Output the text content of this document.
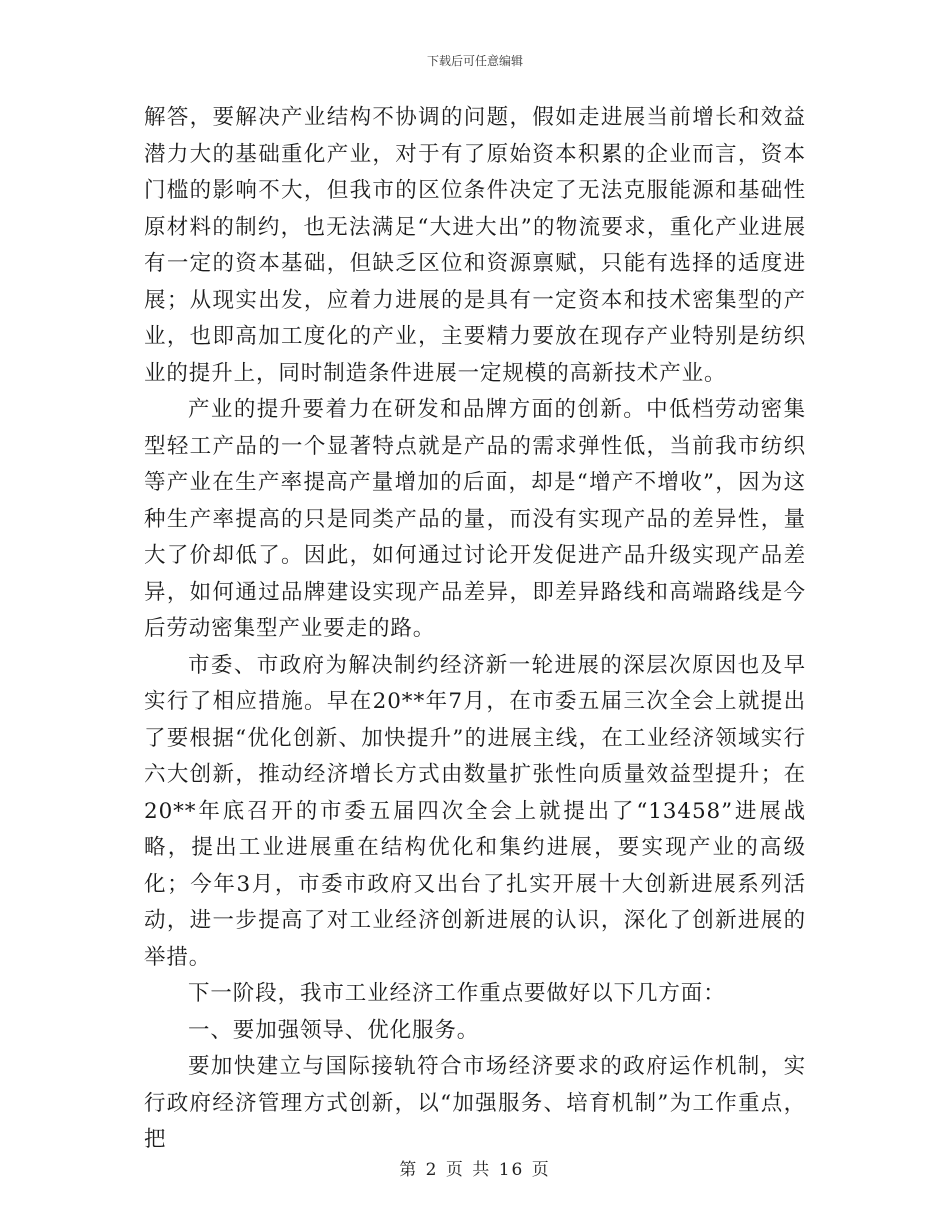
下载后可任意编辑

解答，要解决产业结构不协调的问题，假如走进展当前增长和效益潜力大的基础重化产业，对于有了原始资本积累的企业而言，资本门槛的影响不大，但我市的区位条件决定了无法克服能源和基础性原材料的制约，也无法满足“大进大出”的物流要求，重化产业进展有一定的资本基础，但缺乏区位和资源禀赋，只能有选择的适度进展；从现实出发，应着力进展的是具有一定资本和技术密集型的产业，也即高加工度化的产业，主要精力要放在现存产业特别是纺织业的提升上，同时制造条件进展一定规模的高新技术产业。

产业的提升要着力在研发和品牌方面的创新。中低档劳动密集型轻工产品的一个显著特点就是产品的需求弹性低，当前我市纺织等产业在生产率提高产量增加的后面，却是“增产不增收”，因为这种生产率提高的只是同类产品的量，而没有实现产品的差异性，量大了价却低了。因此，如何通过讨论开发促进产品升级实现产品差异，如何通过品牌建设实现产品差异，即差异路线和高端路线是今后劳动密集型产业要走的路。

市委、市政府为解决制约经济新一轮进展的深层次原因也及早实行了相应措施。早在20**年7月，在市委五届三次全会上就提出了要根据“优化创新、加快提升”的进展主线，在工业经济领域实行六大创新，推动经济增长方式由数量扩张性向质量效益型提升；在20**年底召开的市委五届四次全会上就提出了“13458”进展战略，提出工业进展重在结构优化和集约进展，要实现产业的高级化；今年3月，市委市政府又出台了扎实开展十大创新进展系列活动，进一步提高了对工业经济创新进展的认识，深化了创新进展的举措。

下一阶段，我市工业经济工作重点要做好以下几方面：

一、要加强领导、优化服务。

要加快建立与国际接轨符合市场经济要求的政府运作机制，实行政府经济管理方式创新，以“加强服务、培育机制”为工作重点，把

第 2 页 共 16 页
